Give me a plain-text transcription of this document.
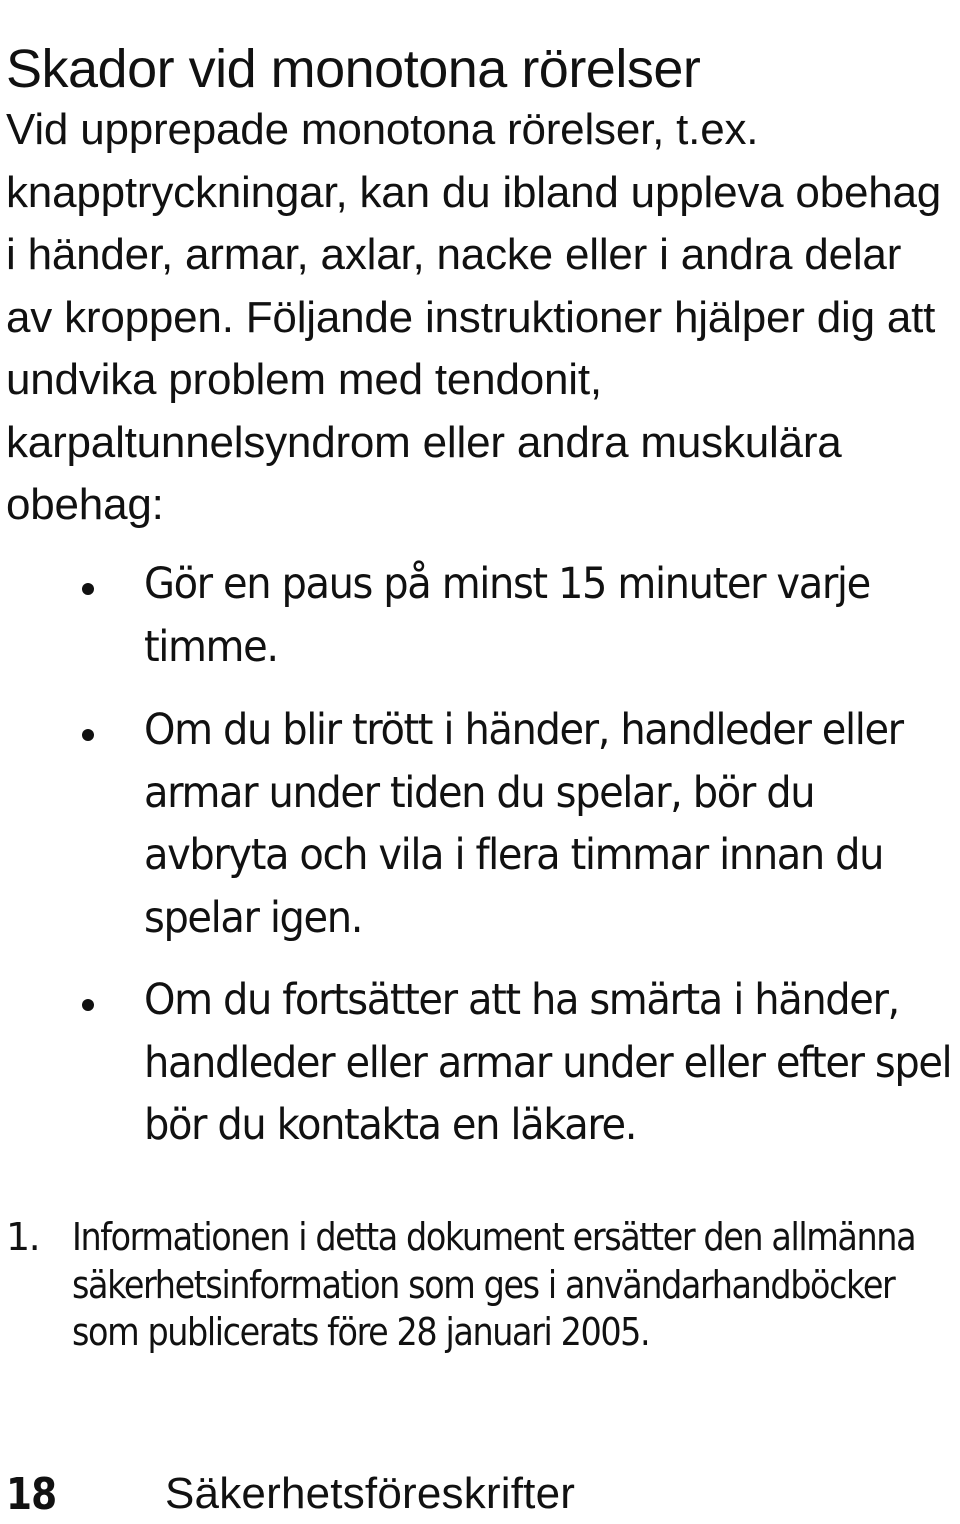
Skador vid monotona rörelser

Vid upprepade monotona rörelser, t.ex. knapptryckningar, kan du ibland uppleva obehag i händer, armar, axlar, nacke eller i andra delar av kroppen. Följande instruktioner hjälper dig att undvika problem med tendonit, karpaltunnelsyndrom eller andra muskulära obehag:

Gör en paus på minst 15 minuter varje timme.
Om du blir trött i händer, handleder eller armar under tiden du spelar, bör du avbryta och vila i flera timmar innan du spelar igen.
Om du fortsätter att ha smärta i händer, handleder eller armar under eller efter spel bör du kontakta en läkare.
1. Informationen i detta dokument ersätter den allmänna säkerhetsinformation som ges i användarhandböcker som publicerats före 28 januari 2005.
18 Säkerhetsföreskrifter
